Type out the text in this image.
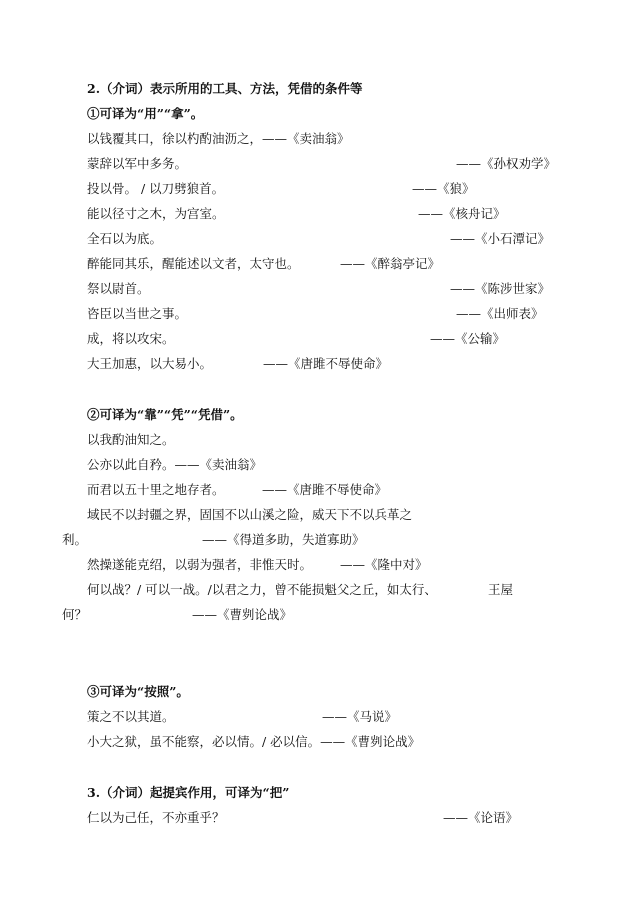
2.（介词）表示所用的工具、方法，凭借的条件等
①可译为“用”“拿”。
以钱覆其口，徐以杓酌油沥之，——《卖油翁》
蒙辞以军中多务。	——《孙权劝学》
投以骨。 / 以刀劈狼首。	——《狼》
能以径寸之木，为宫室。	——《核舟记》
全石以为底。	——《小石潭记》
醉能同其乐，醒能述以文者，太守也。	——《醉翁亭记》
祭以尉首。	——《陈涉世家》
咨臣以当世之事。	——《出师表》
成，将以攻宋。	——《公输》
大王加惠，以大易小。	——《唐雎不辱使命》
②可译为“靠”“凭”“凭借”。
以我酌油知之。
公亦以此自矜。——《卖油翁》
而君以五十里之地存者。	——《唐雎不辱使命》
域民不以封疆之界，固国不以山溪之险，威天下不以兵革之
利。	——《得道多助，失道寡助》
然操遂能克绍，以弱为强者，非惟天时。 ——《隆中对》
何以战？/ 可以一战。/以君之力，曾不能损魁父之丘，如太行、	王屋
何？	——《曹刿论战》
③可译为“按照”。
策之不以其道。	——《马说》
小大之狱，虽不能察，必以情。/ 必以信。——《曹刿论战》
3.（介词）起提宾作用，可译为“把”
仁以为己任，不亦重乎？	——《论语》
